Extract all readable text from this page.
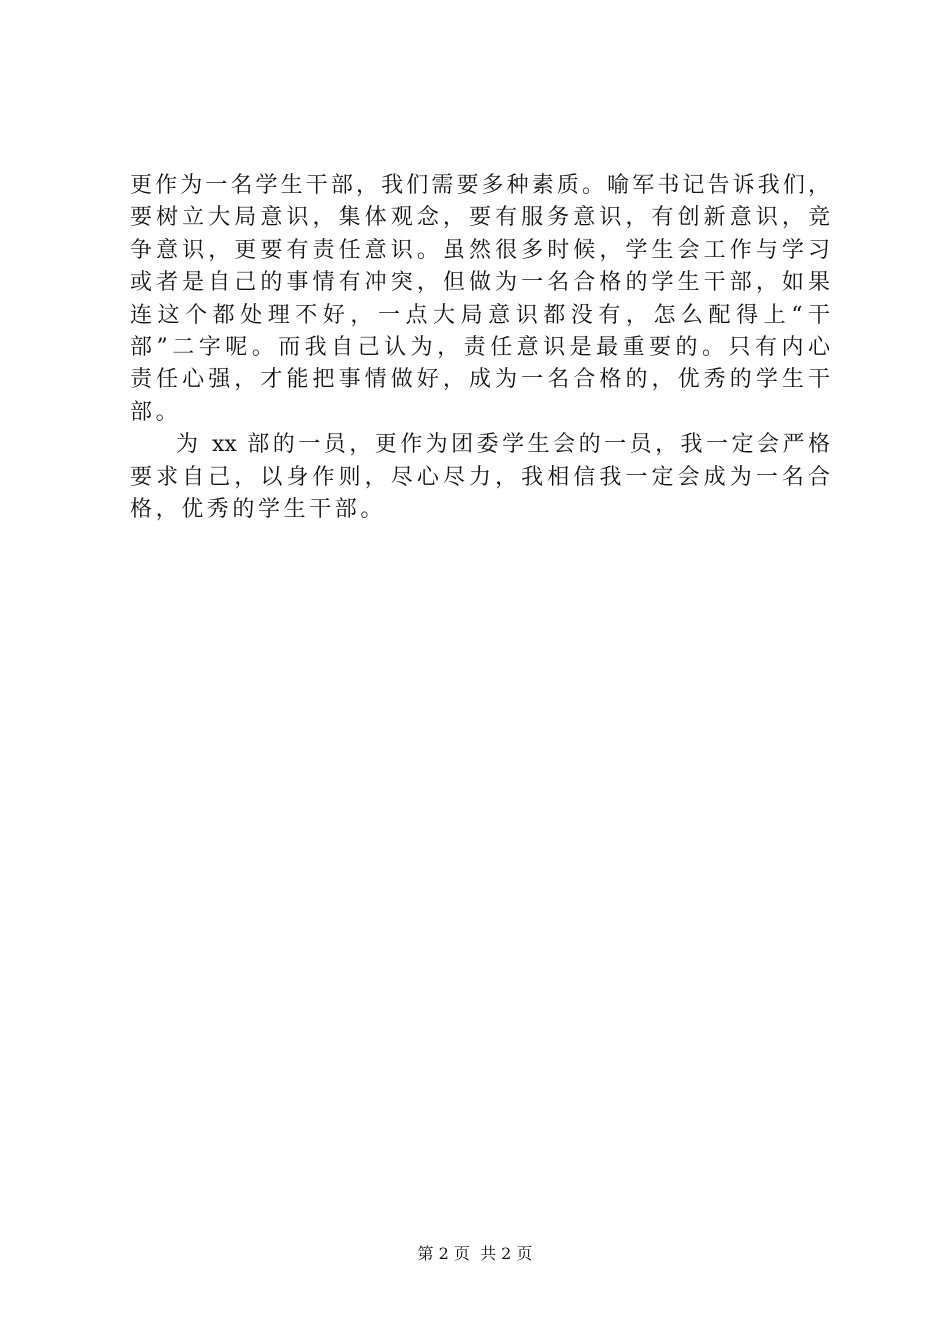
更作为一名学生干部，我们需要多种素质。喻军书记告诉我们，
要树立大局意识，集体观念，要有服务意识，有创新意识，竞
争意识，更要有责任意识。虽然很多时候，学生会工作与学习
或者是自己的事情有冲突，但做为一名合格的学生干部，如果
连这个都处理不好，一点大局意识都没有，怎么配得上“干
部”二字呢。而我自己认为，责任意识是最重要的。只有内心
责任心强，才能把事情做好，成为一名合格的，优秀的学生干
部。
为 xx 部的一员，更作为团委学生会的一员，我一定会严格
要求自己，以身作则，尽心尽力，我相信我一定会成为一名合
格，优秀的学生干部。
第 2 页  共 2 页
